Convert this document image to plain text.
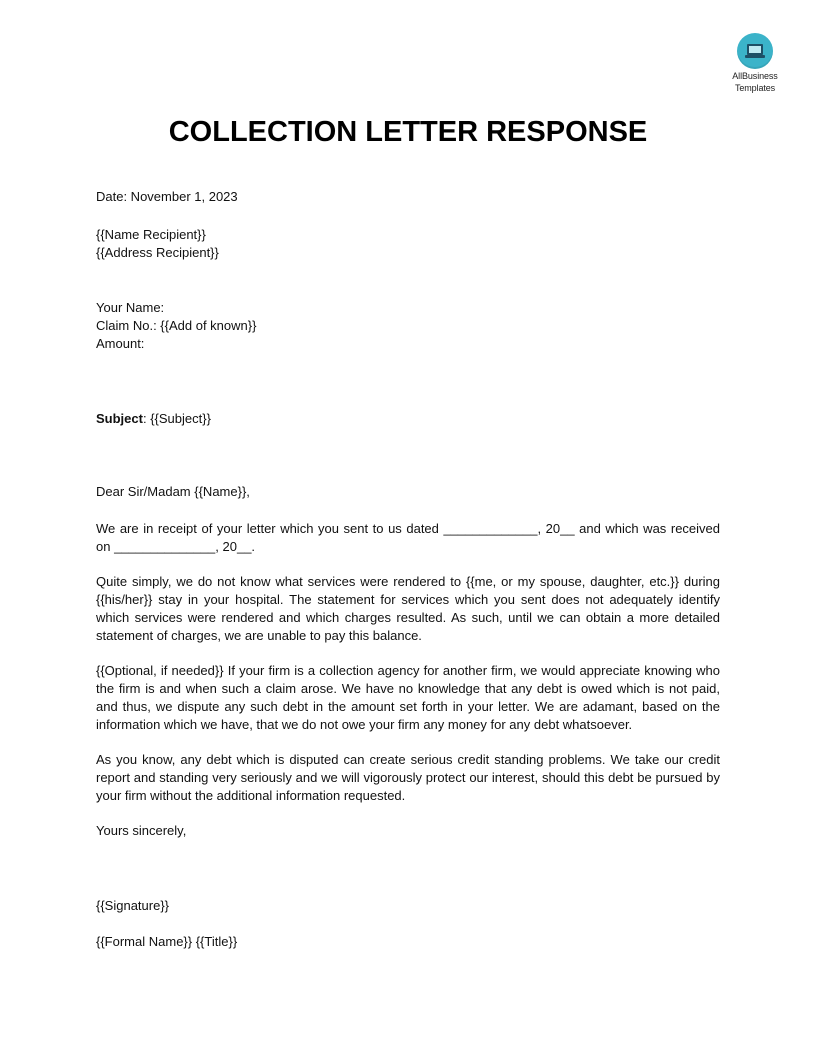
AllBusiness
Templates
COLLECTION LETTER RESPONSE
Date: November 1, 2023
{{Name Recipient}}
{{Address Recipient}}
Your Name:
Claim No.: {{Add of known}}
Amount:
Subject: {{Subject}}
Dear Sir/Madam {{Name}},

We are in receipt of your letter which you sent to us dated _____________, 20__ and which was received on ______________, 20__.

Quite simply, we do not know what services were rendered to {{me, or my spouse, daughter, etc.}} during {{his/her}} stay in your hospital. The statement for services which you sent does not adequately identify which services were rendered and which charges resulted. As such, until we can obtain a more detailed statement of charges, we are unable to pay this balance.

{{Optional, if needed}} If your firm is a collection agency for another firm, we would appreciate knowing who the firm is and when such a claim arose. We have no knowledge that any debt is owed which is not paid, and thus, we dispute any such debt in the amount set forth in your letter. We are adamant, based on the information which we have, that we do not owe your firm any money for any debt whatsoever.

As you know, any debt which is disputed can create serious credit standing problems. We take our credit report and standing very seriously and we will vigorously protect our interest, should this debt be pursued by your firm without the additional information requested.

Yours sincerely,
{{Signature}}
{{Formal Name}} {{Title}}
